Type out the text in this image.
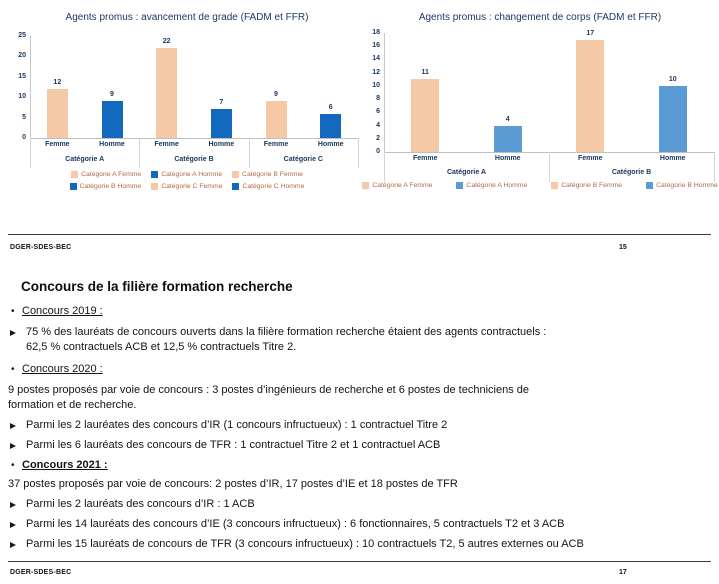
Agents promus : avancement de grade (FADM et FFR)
0
5
10
15
20
25
12
Femme
9
Homme
Catégorie A
22
Femme
7
Homme
Catégorie B
9
Femme
6
Homme
Catégorie C
Catégorie A Femme	Catégorie A Homme	Catégorie B Femme
Catégorie B Homme	Catégorie C Femme	Catégorie C Homme
Agents promus : changement de corps (FADM et FFR)
0
2
4
6
8
10
12
14
16
18
11
Femme
4
Homme
Catégorie A
17
Femme
10
Homme
Catégorie B
Catégorie A Femme	Catégorie A Homme	Catégorie B Femme	Catégorie B Homme
DGER-SDES-BEC	15
Concours de la filière formation recherche
• Concours 2019 :
75 % des lauréats de concours ouverts dans la filière formation recherche étaient des agents contractuels :
62,5 % contractuels ACB et 12,5 % contractuels Titre 2.
• Concours 2020 :
9 postes proposés par voie de concours : 3 postes d’ingénieurs de recherche et 6 postes de techniciens de
formation et de recherche.
Parmi les 2 lauréates des concours d’IR (1 concours infructueux) : 1 contractuel Titre 2
Parmi les 6 lauréats des concours de TFR : 1 contractuel Titre 2 et 1 contractuel ACB
• Concours 2021 :
37 postes proposés par voie de concours: 2 postes d’IR, 17 postes d’IE et 18 postes de TFR
Parmi les 2 lauréats des concours d’IR : 1 ACB
Parmi les 14 lauréats des concours d’IE (3 concours infructueux) : 6 fonctionnaires, 5 contractuels T2 et 3 ACB
Parmi les 15 lauréats de concours de TFR (3 concours infructueux) : 10 contractuels T2, 5 autres externes ou ACB
DGER-SDES-BEC	17
